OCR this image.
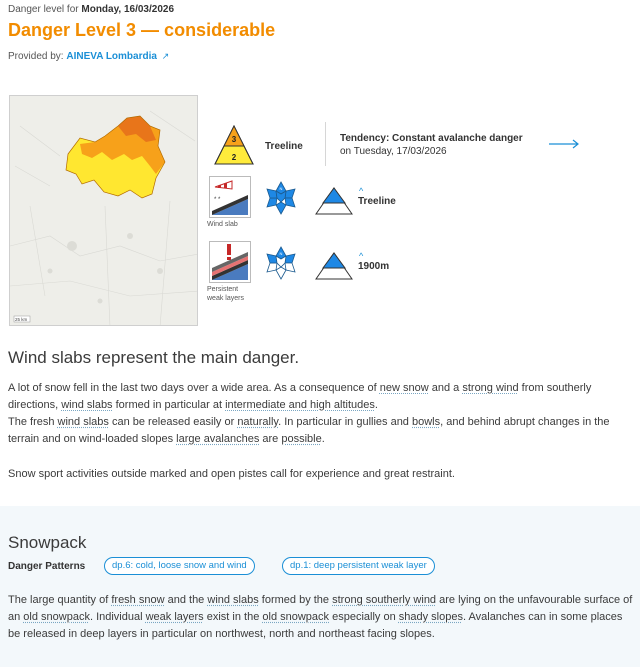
Danger level for Monday, 16/03/2026
Danger Level 3 — considerable
Provided by: AINEVA Lombardia ↗
25 km
3
2
Treeline
Tendency: Constant avalanche danger
on Tuesday, 17/03/2026
* *
Wind slab
N	^
Treeline
Persistent weak layers
N	^
1900m
Wind slabs represent the main danger.

A lot of snow fell in the last two days over a wide area. As a consequence of new snow and a strong wind from southerly directions, wind slabs formed in particular at intermediate and high altitudes.

The fresh wind slabs can be released easily or naturally. In particular in gullies and bowls, and behind abrupt changes in the terrain and on wind-loaded slopes large avalanches are possible.

Snow sport activities outside marked and open pistes call for experience and great restraint.

Snowpack
Danger Patterns	dp.6: cold, loose snow and wind	dp.1: deep persistent weak layer

The large quantity of fresh snow and the wind slabs formed by the strong southerly wind are lying on the unfavourable surface of an old snowpack. Individual weak layers exist in the old snowpack especially on shady slopes. Avalanches can in some places be released in deep layers in particular on northwest, north and northeast facing slopes.
